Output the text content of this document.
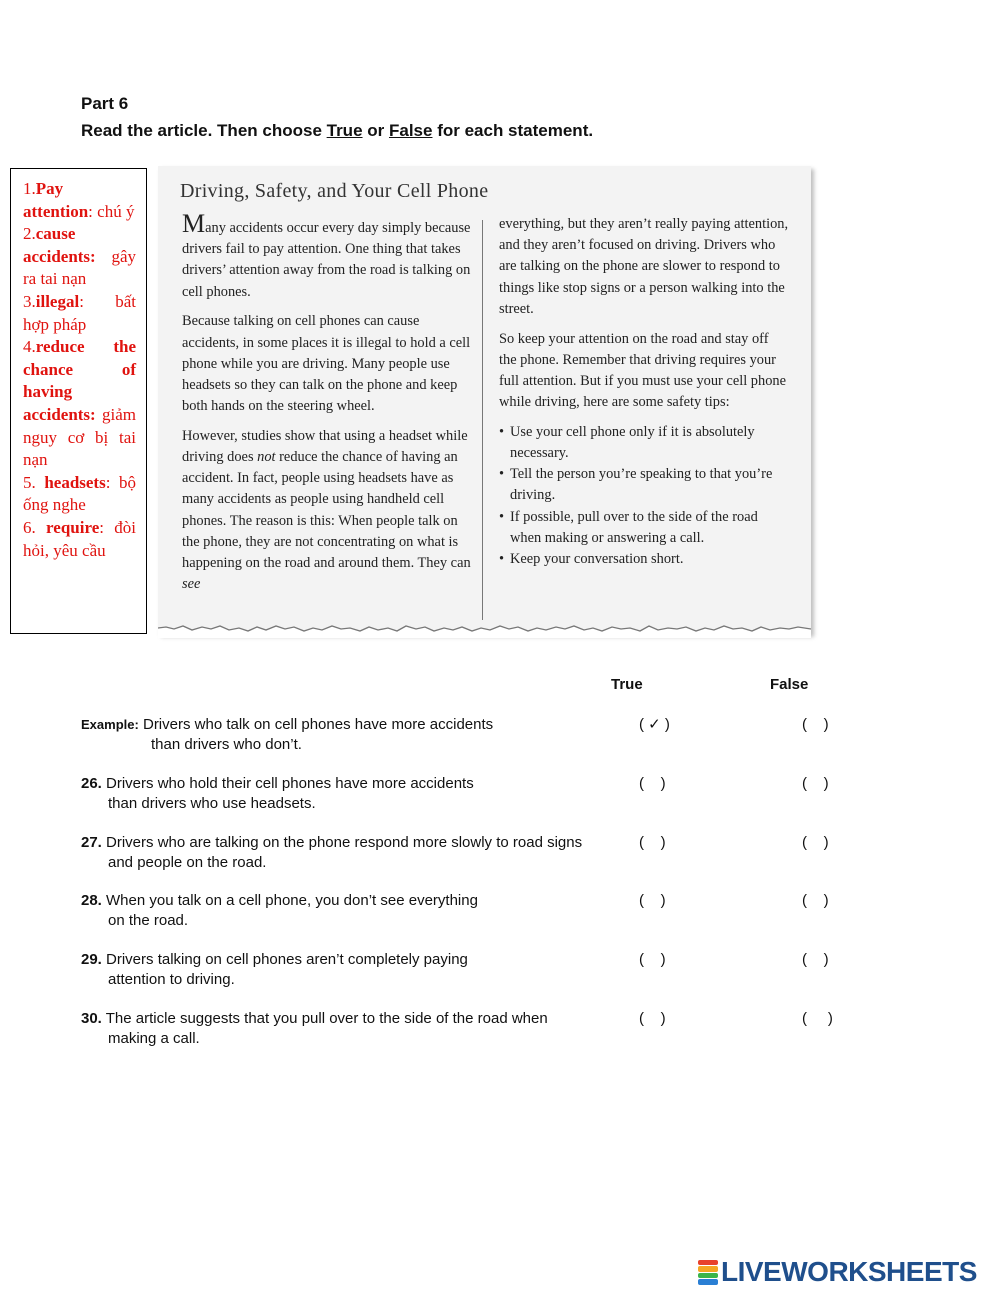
Part 6
Read the article. Then choose True or False for each statement.
1.Pay attention: chú ý
2.cause accidents: gây ra tai nạn
3.illegal: bất hợp pháp
4.reduce the chance of having accidents: giảm nguy cơ bị tai nạn
5. headsets: bộ ống nghe
6. require: đòi hỏi, yêu cầu
Driving, Safety, and Your Cell Phone

Many accidents occur every day simply because drivers fail to pay attention. One thing that takes drivers’ attention away from the road is talking on cell phones.

Because talking on cell phones can cause accidents, in some places it is illegal to hold a cell phone while you are driving. Many people use headsets so they can talk on the phone and keep both hands on the steering wheel.

However, studies show that using a headset while driving does not reduce the chance of having an accident. In fact, people using headsets have as many accidents as people using handheld cell phones. The reason is this: When people talk on the phone, they are not concentrating on what is happening on the road and around them. They can see

everything, but they aren’t really paying attention, and they aren’t focused on driving. Drivers who are talking on the phone are slower to respond to things like stop signs or a person walking into the street.

So keep your attention on the road and stay off the phone. Remember that driving requires your full attention. But if you must use your cell phone while driving, here are some safety tips:

• Use your cell phone only if it is absolutely necessary.
• Tell the person you’re speaking to that you’re driving.
• If possible, pull over to the side of the road when making or answering a call.
• Keep your conversation short.
True	False
Example: Drivers who talk on cell phones have more accidents
than drivers who don’t.
( ✓ )	(    )
26. Drivers who hold their cell phones have more accidents
than drivers who use headsets.
(    )	(    )
27. Drivers who are talking on the phone respond more slowly to road signs
and people on the road.
(    )	(    )
28. When you talk on a cell phone, you don’t see everything
on the road.
(    )	(    )
29. Drivers talking on cell phones aren’t completely paying
attention to driving.
(    )	(    )
30. The article suggests that you pull over to the side of the road when
making a call.
(    )	(     )
LIVEWORKSHEETS
